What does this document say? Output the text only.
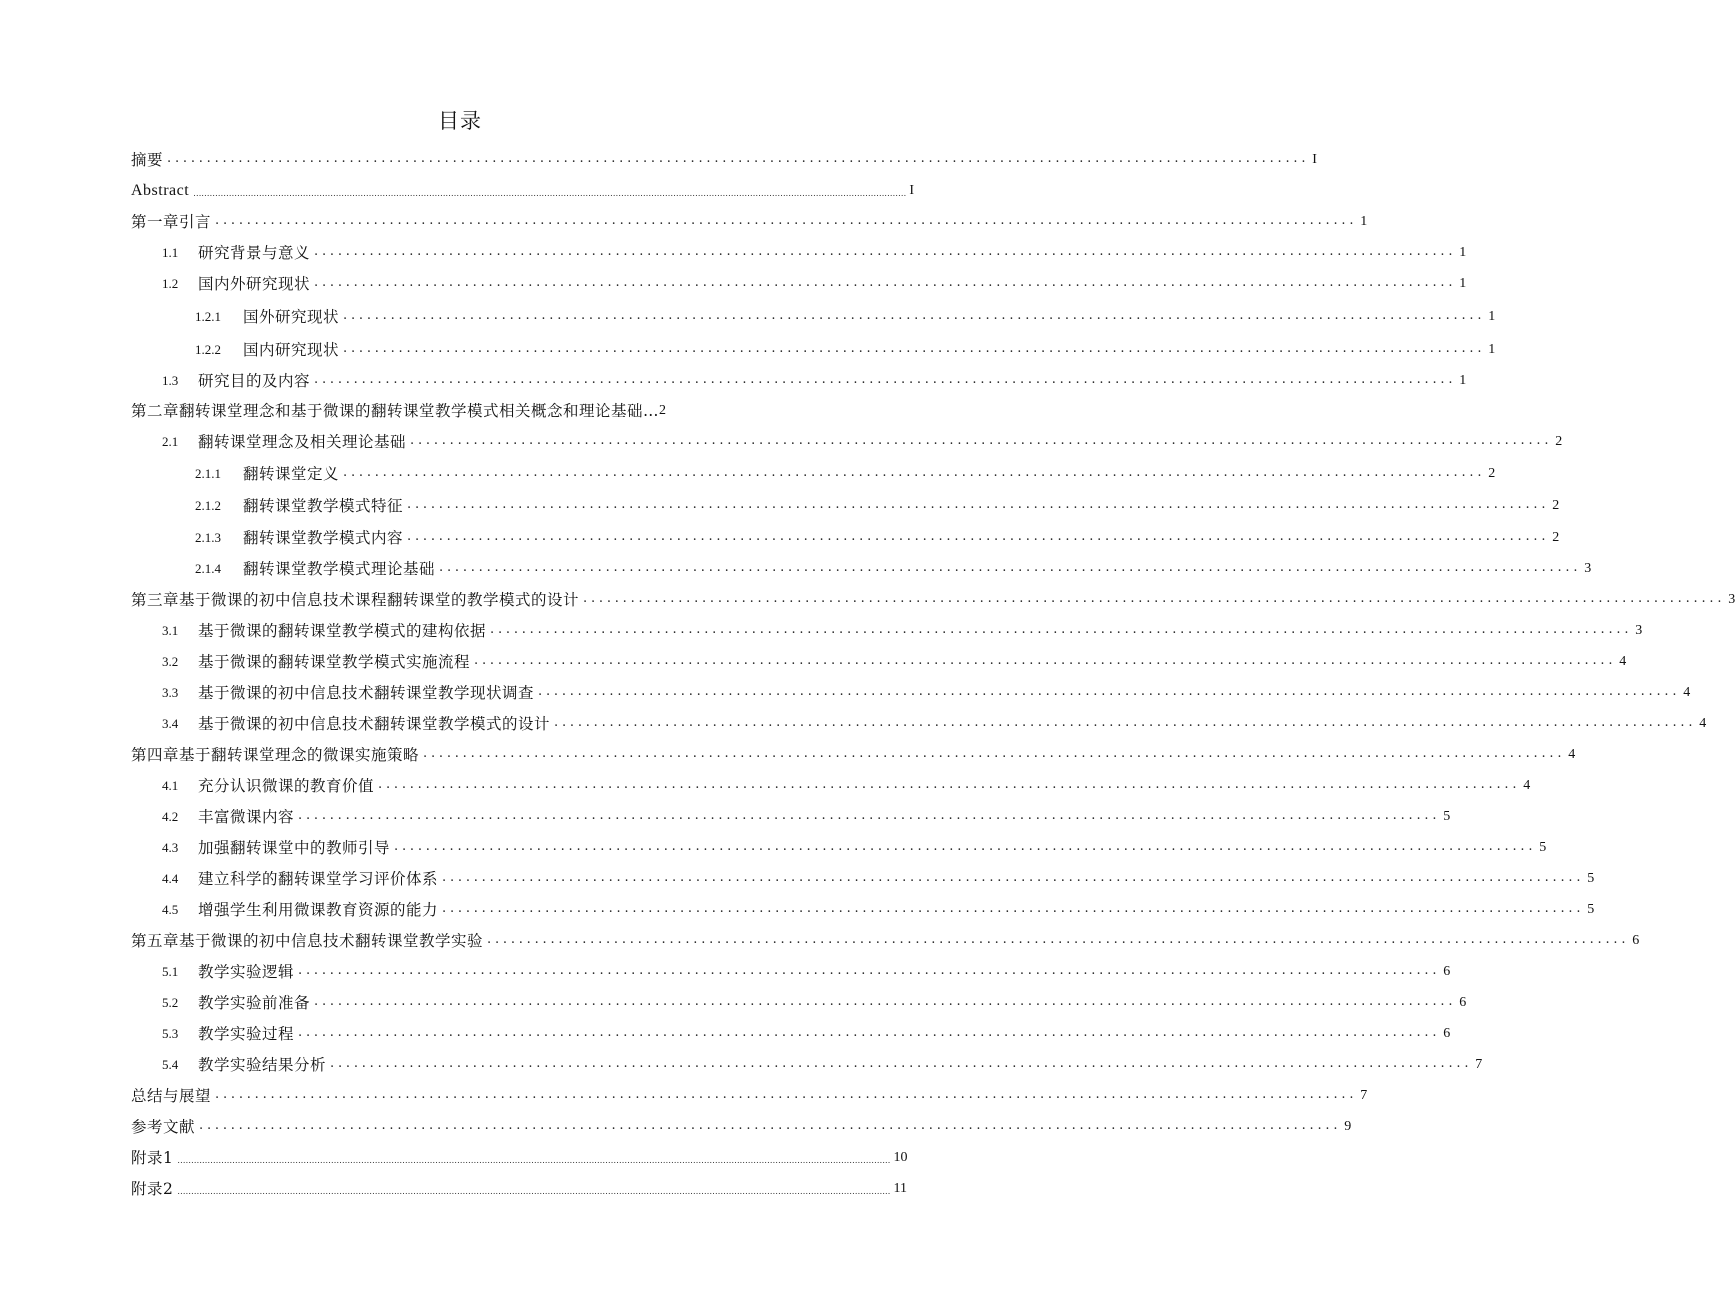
目录
摘要 ................................................................................................................................................ I
Abstract .................................................................................................................................................................................................................................................................... I
第一章引言 ................................................................................................................................................ 1
1.1	研究背景与意义 ................................................................................................................................................ 1
1.2	国内外研究现状 ................................................................................................................................................ 1
1.2.1	国外研究现状 ................................................................................................................................................ 1
1.2.2	国内研究现状 ................................................................................................................................................ 1
1.3	研究目的及内容 ................................................................................................................................................ 1
第二章翻转课堂理念和基于微课的翻转课堂教学模式相关概念和理论基础… 2
2.1	翻转课堂理念及相关理论基础 ................................................................................................................................................ 2
2.1.1	翻转课堂定义 ................................................................................................................................................ 2
2.1.2	翻转课堂教学模式特征 ................................................................................................................................................ 2
2.1.3	翻转课堂教学模式内容 ................................................................................................................................................ 2
2.1.4	翻转课堂教学模式理论基础 ................................................................................................................................................ 3
第三章基于微课的初中信息技术课程翻转课堂的教学模式的设计 ................................................................................................................................................ 3
3.1	基于微课的翻转课堂教学模式的建构依据 ................................................................................................................................................ 3
3.2	基于微课的翻转课堂教学模式实施流程 ................................................................................................................................................ 4
3.3	基于微课的初中信息技术翻转课堂教学现状调查 ................................................................................................................................................ 4
3.4	基于微课的初中信息技术翻转课堂教学模式的设计 ................................................................................................................................................ 4
第四章基于翻转课堂理念的微课实施策略 ................................................................................................................................................ 4
4.1	充分认识微课的教育价值 ................................................................................................................................................ 4
4.2	丰富微课内容 ................................................................................................................................................ 5
4.3	加强翻转课堂中的教师引导 ................................................................................................................................................ 5
4.4	建立科学的翻转课堂学习评价体系 ................................................................................................................................................ 5
4.5	增强学生利用微课教育资源的能力 ................................................................................................................................................ 5
第五章基于微课的初中信息技术翻转课堂教学实验 ................................................................................................................................................ 6
5.1	教学实验逻辑 ................................................................................................................................................ 6
5.2	教学实验前准备 ................................................................................................................................................ 6
5.3	教学实验过程 ................................................................................................................................................ 6
5.4	教学实验结果分析 ................................................................................................................................................ 7
总结与展望 ................................................................................................................................................ 7
参考文献 ................................................................................................................................................ 9
附录1 .................................................................................................................................................................................................................................................................... 10
附录2 .................................................................................................................................................................................................................................................................... 11
